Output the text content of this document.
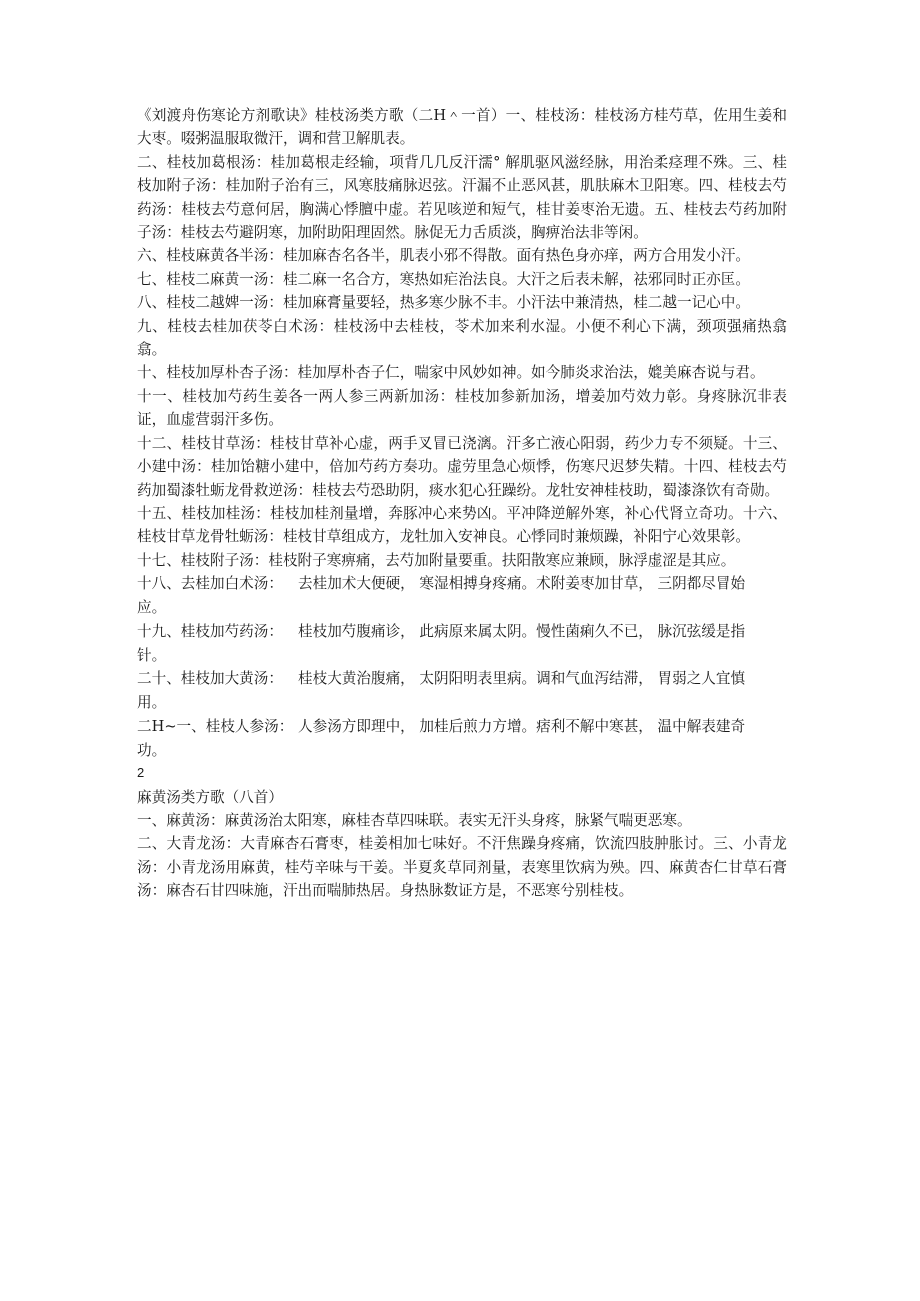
《刘渡舟伤寒论方剂歌诀》桂枝汤类方歌（二H＾一首）一、桂枝汤：桂枝汤方桂芍草，佐用生姜和大枣。啜粥温服取微汗，调和营卫解肌表。

二、桂枝加葛根汤：桂加葛根走经输，项背几几反汗濡° 解肌驱风滋经脉，用治柔痉理不殊。三、桂枝加附子汤：桂加附子治有三，风寒肢痛脉迟弦。汗漏不止恶风甚，肌肤麻木卫阳寒。四、桂枝去芍药汤：桂枝去芍意何居，胸满心悸膻中虚。若见咳逆和短气，桂甘姜枣治无遗。五、桂枝去芍药加附子汤：桂枝去芍避阴寒，加附助阳理固然。脉促无力舌质淡，胸痹治法非等闲。

六、桂枝麻黄各半汤：桂加麻杏名各半，肌表小邪不得散。面有热色身亦痒，两方合用发小汗。

七、桂枝二麻黄一汤：桂二麻一名合方，寒热如疟治法良。大汗之后表未解，祛邪同时正亦匡。

八、桂枝二越婢一汤：桂加麻膏量要轻，热多寒少脉不丰。小汗法中兼清热，桂二越一记心中。

九、桂枝去桂加茯苓白术汤：桂枝汤中去桂枝，苓术加来利水湿。小便不利心下满，颈项强痛热翕翕。

十、桂枝加厚朴杏子汤：桂加厚朴杏子仁，喘家中风妙如神。如今肺炎求治法，媲美麻杏说与君。

十一、桂枝加芍药生姜各一两人参三两新加汤：桂枝加参新加汤，增姜加芍效力彰。身疼脉沉非表证，血虚营弱汗多伤。

十二、桂枝甘草汤：桂枝甘草补心虚，两手叉冒已浇漓。汗多亡液心阳弱，药少力专不须疑。十三、小建中汤：桂加饴糖小建中，倍加芍药方奏功。虚劳里急心烦悸，伤寒尺迟梦失精。十四、桂枝去芍药加蜀漆牡蛎龙骨救逆汤：桂枝去芍恐助阴，痰水犯心狂躁纷。龙牡安神桂枝助，蜀漆涤饮有奇勋。

十五、桂枝加桂汤：桂枝加桂剂量增，奔豚冲心来势凶。平冲降逆解外寒，补心代肾立奇功。十六、桂枝甘草龙骨牡蛎汤：桂枝甘草组成方，龙牡加入安神良。心悸同时兼烦躁，补阳宁心效果彰。

十七、桂枝附子汤：桂枝附子寒痹痛，去芍加附量要重。扶阳散寒应兼顾，脉浮虚涩是其应。

十八、去桂加白术汤： 去桂加术大便硬， 寒湿相搏身疼痛。术附姜枣加甘草， 三阴都尽冒始
应。
十九、桂枝加芍药汤： 桂枝加芍腹痛诊， 此病原来属太阴。慢性菌痢久不已， 脉沉弦缓是指
针。
二十、桂枝加大黄汤： 桂枝大黄治腹痛， 太阴阳明表里病。调和气血泻结滞， 胃弱之人宜慎
用。
二H~一、桂枝人参汤： 人参汤方即理中， 加桂后煎力方增。痞利不解中寒甚， 温中解表建奇
功。

2

麻黄汤类方歌（八首）

一、麻黄汤：麻黄汤治太阳寒，麻桂杏草四味联。表实无汗头身疼，脉紧气喘更恶寒。

二、大青龙汤：大青麻杏石膏枣，桂姜相加七味好。不汗焦躁身疼痛，饮流四肢肿胀讨。三、小青龙汤：小青龙汤用麻黄，桂芍辛味与干姜。半夏炙草同剂量，表寒里饮病为殃。四、麻黄杏仁甘草石膏汤：麻杏石甘四味施，汗出而喘肺热居。身热脉数证方是，不恶寒兮别桂枝。
